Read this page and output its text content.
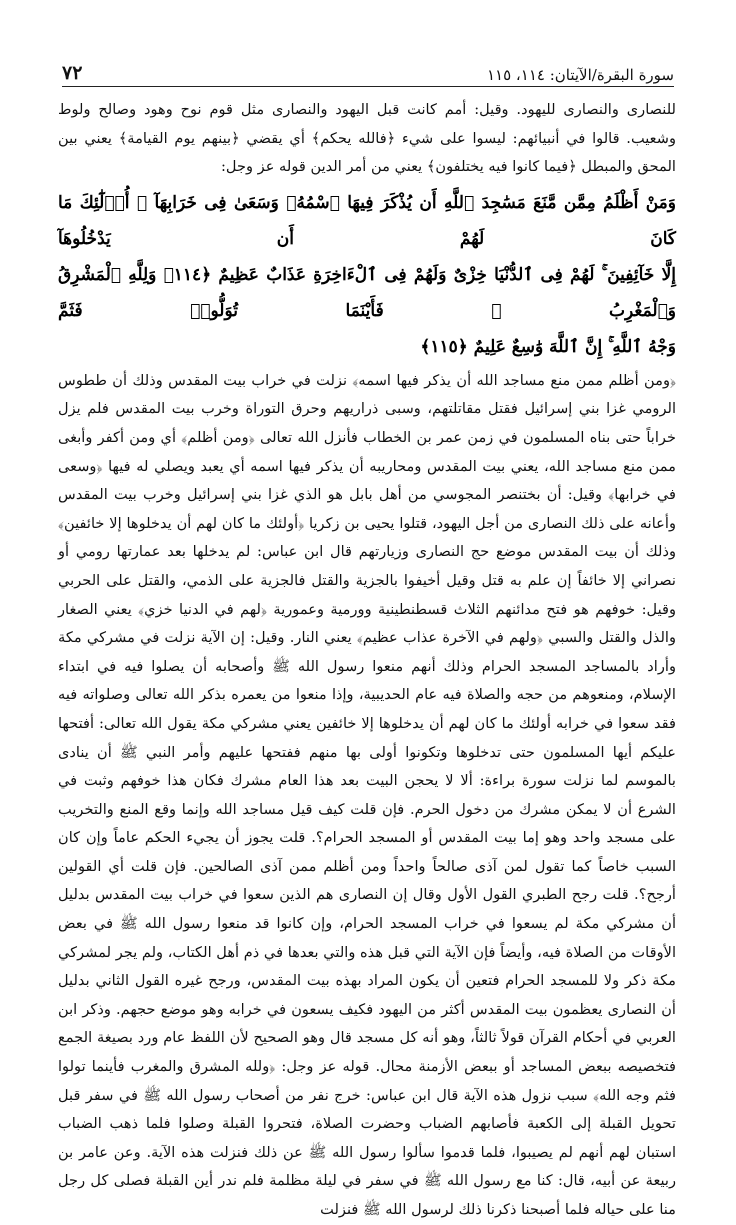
سورة البقرة/الآيتان: ١١٤، ١١٥
٧٢

للنصارى والنصارى لليهود. وقيل: أمم كانت قبل اليهود والنصارى مثل قوم نوح وهود وصالح ولوط وشعيب. قالوا في أنبيائهم: ليسوا على شيء ﴿فالله يحكم﴾ أي يقضي ﴿بينهم يوم القيامة﴾ يعني بين المحق والمبطل ﴿فيما كانوا فيه يختلفون﴾ يعني من أمر الدين قوله عز وجل:

وَمَنْ أَظْلَمُ مِمَّن مَّنَعَ مَسَٰجِدَ ٱللَّهِ أَن يُذْكَرَ فِيهَا ٱسْمُهُۥ وَسَعَىٰ فِى خَرَابِهَآ ۚ أُو۟لَٰٓئِكَ مَا كَانَ لَهُمْ أَن يَدْخُلُوهَآ
إِلَّا خَآئِفِينَ ۚ لَهُمْ فِى ٱلدُّنْيَا خِزْىٌ وَلَهُمْ فِى ٱلْءَاخِرَةِ عَذَابٌ عَظِيمٌ ﴿١١٤﴾ وَلِلَّهِ ٱلْمَشْرِقُ وَٱلْمَغْرِبُ ۚ فَأَيْنَمَا تُوَلُّوا۟ فَثَمَّ
وَجْهُ ٱللَّهِ ۚ إِنَّ ٱللَّهَ وَٰسِعٌ عَلِيمٌ ﴿١١٥﴾

﴿ومن أظلم ممن منع مساجد الله أن يذكر فيها اسمه﴾ نزلت في خراب بيت المقدس وذلك أن ططوس الرومي غزا بني إسرائيل فقتل مقاتلتهم، وسبى ذراريهم وحرق التوراة وخرب بيت المقدس فلم يزل خراباً حتى بناه المسلمون في زمن عمر بن الخطاب فأنزل الله تعالى ﴿ومن أظلم﴾ أي ومن أكفر وأبغى ممن منع مساجد الله، يعني بيت المقدس ومحاريبه أن يذكر فيها اسمه أي يعبد ويصلي له فيها ﴿وسعى في خرابها﴾ وقيل: أن بختنصر المجوسي من أهل بابل هو الذي غزا بني إسرائيل وخرب بيت المقدس وأعانه على ذلك النصارى من أجل اليهود، قتلوا يحيى بن زكريا ﴿أولئك ما كان لهم أن يدخلوها إلا خائفين﴾ وذلك أن بيت المقدس موضع حج النصارى وزيارتهم قال ابن عباس: لم يدخلها بعد عمارتها رومي أو نصراني إلا خائفاً إن علم به قتل وقيل أخيفوا بالجزية والقتل فالجزية على الذمي، والقتل على الحربي وقيل: خوفهم هو فتح مدائنهم الثلاث قسطنطينية وورمية وعمورية ﴿لهم في الدنيا خزي﴾ يعني الصغار والذل والقتل والسبي ﴿ولهم في الآخرة عذاب عظيم﴾ يعني النار. وقيل: إن الآية نزلت في مشركي مكة وأراد بالمساجد المسجد الحرام وذلك أنهم منعوا رسول الله ﷺ وأصحابه أن يصلوا فيه في ابتداء الإسلام، ومنعوهم من حجه والصلاة فيه عام الحديبية، وإذا منعوا من يعمره بذكر الله تعالى وصلواته فيه فقد سعوا في خرابه أولئك ما كان لهم أن يدخلوها إلا خائفين يعني مشركي مكة يقول الله تعالى: أفتحها عليكم أيها المسلمون حتى تدخلوها وتكونوا أولى بها منهم ففتحها عليهم وأمر النبي ﷺ أن ينادى بالموسم لما نزلت سورة براءة: ألا لا يحجن البيت بعد هذا العام مشرك فكان هذا خوفهم وثبت في الشرع أن لا يمكن مشرك من دخول الحرم. فإن قلت كيف قيل مساجد الله وإنما وقع المنع والتخريب على مسجد واحد وهو إما بيت المقدس أو المسجد الحرام؟. قلت يجوز أن يجيء الحكم عاماً وإن كان السبب خاصاً كما تقول لمن آذى صالحاً واحداً ومن أظلم ممن آذى الصالحين. فإن قلت أي القولين أرجح؟. قلت رجح الطبري القول الأول وقال إن النصارى هم الذين سعوا في خراب بيت المقدس بدليل أن مشركي مكة لم يسعوا في خراب المسجد الحرام، وإن كانوا قد منعوا رسول الله ﷺ في بعض الأوقات من الصلاة فيه، وأيضاً فإن الآية التي قبل هذه والتي بعدها في ذم أهل الكتاب، ولم يجر لمشركي مكة ذكر ولا للمسجد الحرام فتعين أن يكون المراد بهذه بيت المقدس، ورجح غيره القول الثاني بدليل أن النصارى يعظمون بيت المقدس أكثر من اليهود فكيف يسعون في خرابه وهو موضع حجهم. وذكر ابن العربي في أحكام القرآن قولاً ثالثاً، وهو أنه كل مسجد قال وهو الصحيح لأن اللفظ عام ورد بصيغة الجمع فتخصيصه ببعض المساجد أو ببعض الأزمنة محال. قوله عز وجل: ﴿ولله المشرق والمغرب فأينما تولوا فثم وجه الله﴾ سبب نزول هذه الآية قال ابن عباس: خرج نفر من أصحاب رسول الله ﷺ في سفر قبل تحويل القبلة إلى الكعبة فأصابهم الضباب وحضرت الصلاة، فتحروا القبلة وصلوا فلما ذهب الضباب استبان لهم أنهم لم يصيبوا، فلما قدموا سألوا رسول الله ﷺ عن ذلك فنزلت هذه الآية. وعن عامر بن ربيعة عن أبيه، قال: كنا مع رسول الله ﷺ في سفر في ليلة مظلمة فلم ندر أين القبلة فصلى كل رجل منا على حياله فلما أصبحنا ذكرنا ذلك لرسول الله ﷺ فنزلت
